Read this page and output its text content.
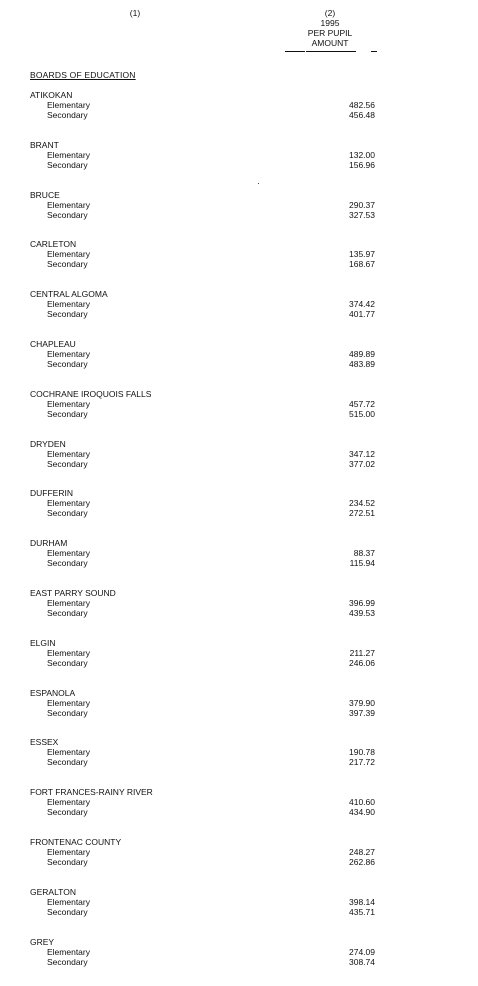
(1)	(2)
1995
PER PUPIL
AMOUNT
BOARDS OF EDUCATION
ATIKOKAN
Elementary	482.56
Secondary	456.48
BRANT
Elementary	132.00
Secondary	156.96
BRUCE
Elementary	290.37
Secondary	327.53
CARLETON
Elementary	135.97
Secondary	168.67
CENTRAL ALGOMA
Elementary	374.42
Secondary	401.77
CHAPLEAU
Elementary	489.89
Secondary	483.89
COCHRANE IROQUOIS FALLS
Elementary	457.72
Secondary	515.00
DRYDEN
Elementary	347.12
Secondary	377.02
DUFFERIN
Elementary	234.52
Secondary	272.51
DURHAM
Elementary	88.37
Secondary	115.94
EAST PARRY SOUND
Elementary	396.99
Secondary	439.53
ELGIN
Elementary	211.27
Secondary	246.06
ESPANOLA
Elementary	379.90
Secondary	397.39
ESSEX
Elementary	190.78
Secondary	217.72
FORT FRANCES-RAINY RIVER
Elementary	410.60
Secondary	434.90
FRONTENAC COUNTY
Elementary	248.27
Secondary	262.86
GERALTON
Elementary	398.14
Secondary	435.71
GREY
Elementary	274.09
Secondary	308.74
